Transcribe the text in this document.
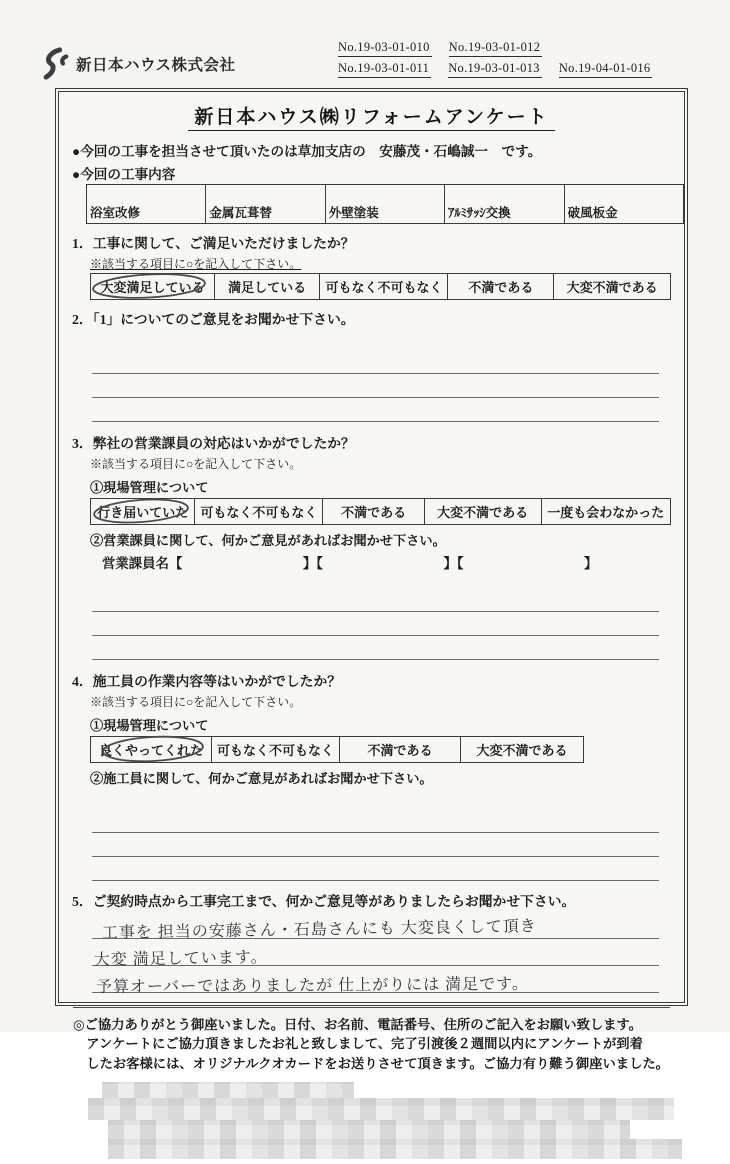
新日本ハウス株式会社
No.19-03-01-010 No.19-03-01-012
No.19-03-01-011 No.19-03-01-013 No.19-04-01-016
新日本ハウス㈱リフォームアンケート
●今回の工事を担当させて頂いたのは草加支店の　安藤茂・石嶋誠一　です。
●今回の工事内容
浴室改修	金属瓦葺替	外壁塗装	ｱﾙﾐｻｯｼ交換	破風板金
1．工事に関して、ご満足いただけましたか？
※該当する項目に○を記入して下さい。
大変満足している	満足している	可もなく不可もなく	不満である	大変不満である
2．「1」についてのご意見をお聞かせ下さい。
3．弊社の営業課員の対応はいかがでしたか？
※該当する項目に○を記入して下さい。
①現場管理について
行き届いていた	可もなく不可もなく	不満である	大変不満である	一度も会わなかった
②営業課員に関して、何かご意見があればお聞かせ下さい。
営業課員名【　　　　　　　　　】【　　　　　　　　　】【　　　　　　　　　】
4．施工員の作業内容等はいかがでしたか？
※該当する項目に○を記入して下さい。
①現場管理について
良くやってくれた	可もなく不可もなく	不満である	大変不満である
②施工員に関して、何かご意見があればお聞かせ下さい。
5．ご契約時点から工事完工まで、何かご意見等がありましたらお聞かせ下さい。
工事を 担当の安藤さん・石島さんにも 大変良くして頂き
大変 満足しています。
予算オーバーではありましたが 仕上がりには 満足です。
◎ご協力ありがとう御座いました。日付、お名前、電話番号、住所のご記入をお願い致します。
アンケートにご協力頂きましたお礼と致しまして、完了引渡後２週間以内にアンケートが到着
したお客様には、オリジナルクオカードをお送りさせて頂きます。ご協力有り難う御座いました。
